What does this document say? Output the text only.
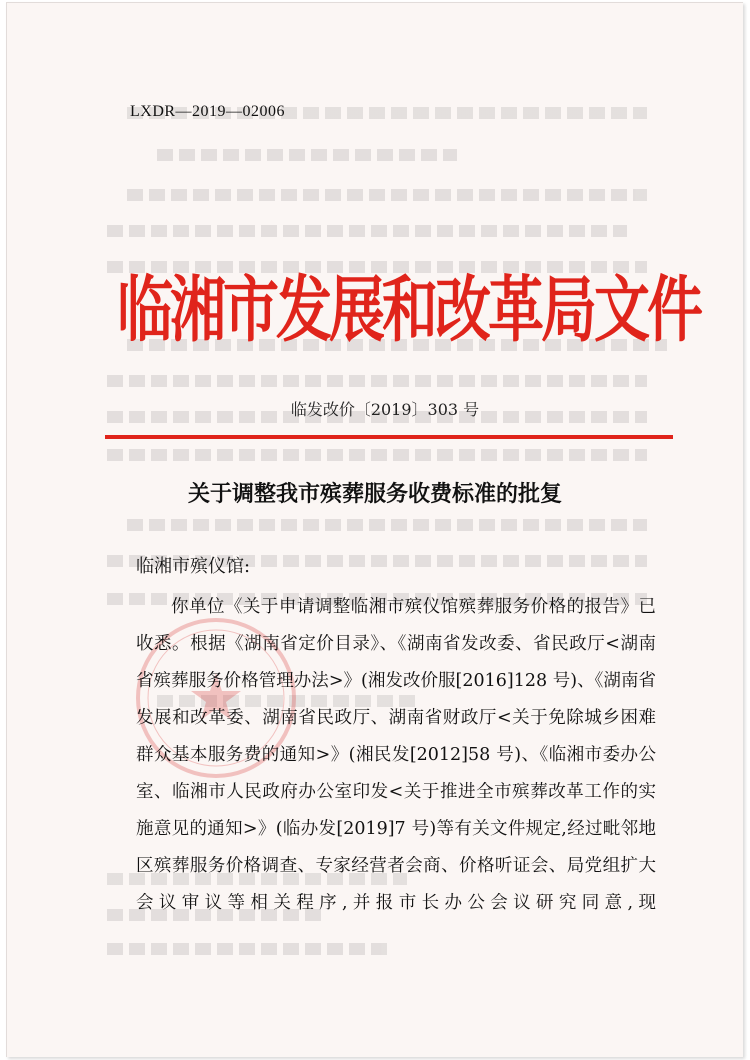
LXDR—2019—02006
临湘市发展和改革局文件
临发改价〔2019〕303 号
关于调整我市殡葬服务收费标准的批复
临湘市殡仪馆:

你单位《关于申请调整临湘市殡仪馆殡葬服务价格的报告》已收悉。根据《湖南省定价目录》、《湖南省发改委、省民政厅<湖南省殡葬服务价格管理办法>》(湘发改价服[2016]128 号)、《湖南省发展和改革委、湖南省民政厅、湖南省财政厅<关于免除城乡困难群众基本服务费的通知>》(湘民发[2012]58 号)、《临湘市委办公室、临湘市人民政府办公室印发<关于推进全市殡葬改革工作的实施意见的通知>》(临办发[2019]7 号)等有关文件规定,经过毗邻地区殡葬服务价格调查、专家经营者会商、价格听证会、局党组扩大会议审议等相关程序,并报市长办公会议研究同意,现
